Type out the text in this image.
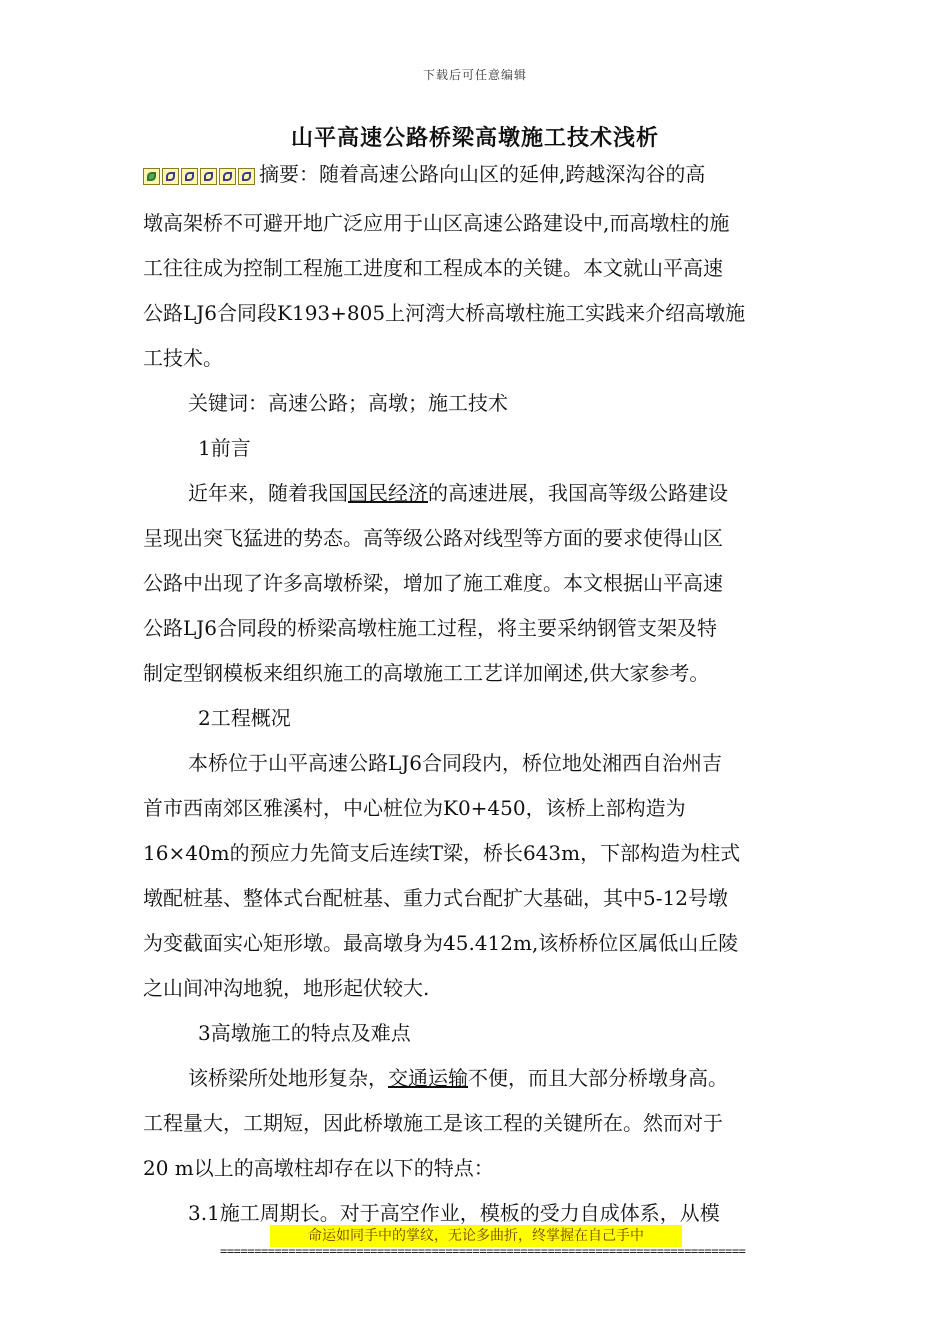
下载后可任意编辑
山平高速公路桥梁高墩施工技术浅析

摘要：随着高速公路向山区的延伸,跨越深沟谷的高

墩高架桥不可避开地广泛应用于山区高速公路建设中,而高墩柱的施

工往往成为控制工程施工进度和工程成本的关键。本文就山平高速

公路LJ6合同段K193+805上河湾大桥高墩柱施工实践来介绍高墩施

工技术。

关键词：高速公路；高墩；施工技术

1前言

近年来，随着我国国民经济的高速进展，我国高等级公路建设

呈现出突飞猛进的势态。高等级公路对线型等方面的要求使得山区

公路中出现了许多高墩桥梁，增加了施工难度。本文根据山平高速

公路LJ6合同段的桥梁高墩柱施工过程，将主要采纳钢管支架及特

制定型钢模板来组织施工的高墩施工工艺详加阐述,供大家参考。

2工程概况

本桥位于山平高速公路LJ6合同段内，桥位地处湘西自治州吉

首市西南郊区雅溪村，中心桩位为K0+450，该桥上部构造为

16×40m的预应力先简支后连续T梁，桥长643m，下部构造为柱式

墩配桩基、整体式台配桩基、重力式台配扩大基础，其中5-12号墩

为变截面实心矩形墩。最高墩身为45.412m,该桥桥位区属低山丘陵

之山间冲沟地貌，地形起伏较大.

3高墩施工的特点及难点

该桥梁所处地形复杂，交通运输不便，而且大部分桥墩身高。

工程量大，工期短，因此桥墩施工是该工程的关键所在。然而对于

20 m以上的高墩柱却存在以下的特点：

3.1施工周期长。对于高空作业，模板的受力自成体系，从模

命运如同手中的掌纹，无论多曲折，终掌握在自己手中
=============================================================================
